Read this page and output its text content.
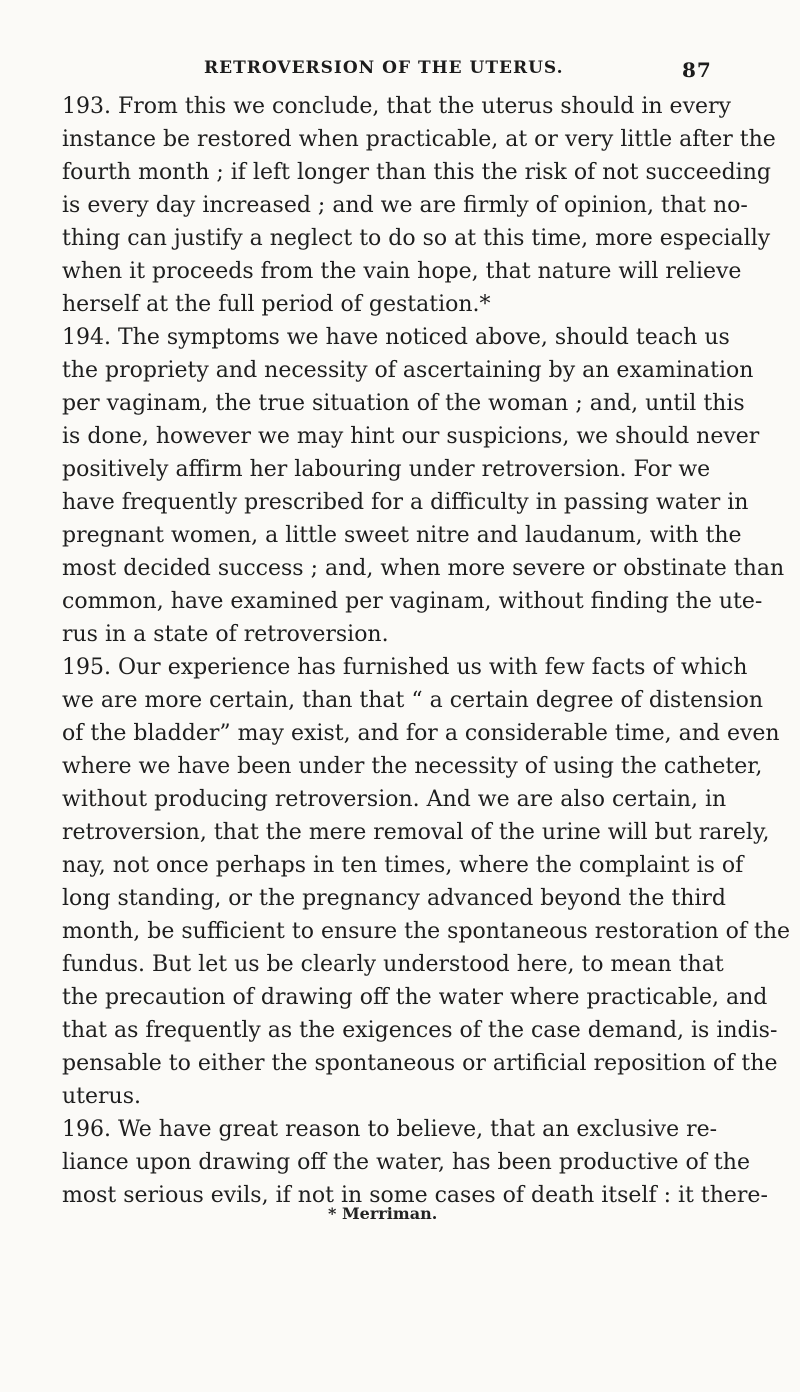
RETROVERSION OF THE UTERUS.	87
193. From this we conclude, that the uterus should in every
instance be restored when practicable, at or very little after the
fourth month ; if left longer than this the risk of not succeeding
is every day increased ; and we are firmly of opinion, that no-
thing can justify a neglect to do so at this time, more especially
when it proceeds from the vain hope, that nature will relieve
herself at the full period of gestation.*
194. The symptoms we have noticed above, should teach us
the propriety and necessity of ascertaining by an examination
per vaginam, the true situation of the woman ; and, until this
is done, however we may hint our suspicions, we should never
positively affirm her labouring under retroversion. For we
have frequently prescribed for a difficulty in passing water in
pregnant women, a little sweet nitre and laudanum, with the
most decided success ; and, when more severe or obstinate than
common, have examined per vaginam, without finding the ute-
rus in a state of retroversion.
195. Our experience has furnished us with few facts of which
we are more certain, than that “ a certain degree of distension
of the bladder” may exist, and for a considerable time, and even
where we have been under the necessity of using the catheter,
without producing retroversion. And we are also certain, in
retroversion, that the mere removal of the urine will but rarely,
nay, not once perhaps in ten times, where the complaint is of
long standing, or the pregnancy advanced beyond the third
month, be sufficient to ensure the spontaneous restoration of the
fundus. But let us be clearly understood here, to mean that
the precaution of drawing off the water where practicable, and
that as frequently as the exigences of the case demand, is indis-
pensable to either the spontaneous or artificial reposition of the
uterus.
196. We have great reason to believe, that an exclusive re-
liance upon drawing off the water, has been productive of the
most serious evils, if not in some cases of death itself : it there-
* Merriman.
